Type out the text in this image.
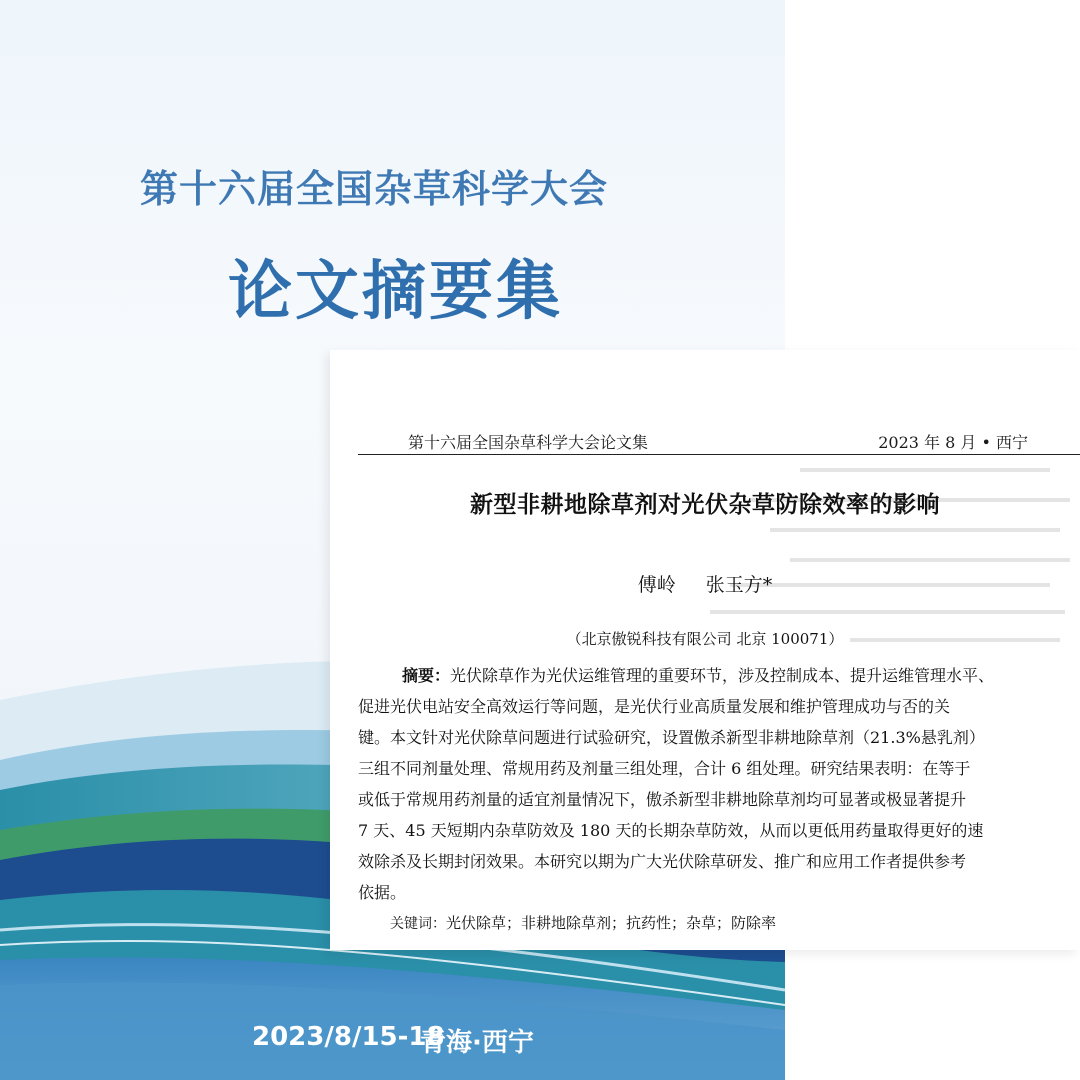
第十六届全国杂草科学大会
论文摘要集
2023/8/15-18
青海·西宁
第十六届全国杂草科学大会论文集	2023 年 8 月 • 西宁
新型非耕地除草剂对光伏杂草防除效率的影响
傅岭 张玉方*
（北京傲锐科技有限公司 北京 100071）
摘要：光伏除草作为光伏运维管理的重要环节，涉及控制成本、提升运维管理水平、
促进光伏电站安全高效运行等问题，是光伏行业高质量发展和维护管理成功与否的关
键。本文针对光伏除草问题进行试验研究，设置傲杀新型非耕地除草剂（21.3%悬乳剂）
三组不同剂量处理、常规用药及剂量三组处理，合计 6 组处理。研究结果表明：在等于
或低于常规用药剂量的适宜剂量情况下，傲杀新型非耕地除草剂均可显著或极显著提升
7 天、45 天短期内杂草防效及 180 天的长期杂草防效，从而以更低用药量取得更好的速
效除杀及长期封闭效果。本研究以期为广大光伏除草研发、推广和应用工作者提供参考
依据。
关键词：光伏除草；非耕地除草剂；抗药性；杂草；防除率
